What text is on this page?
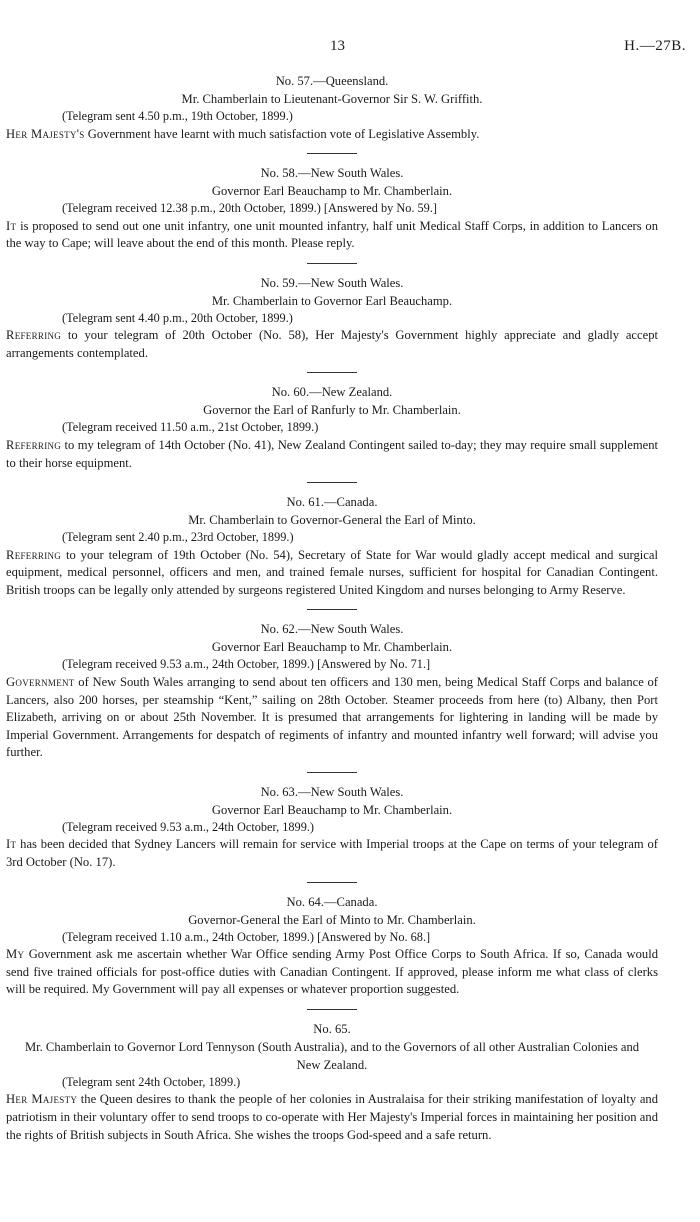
13	H.—27B.

No. 57.—Queensland.

Mr. Chamberlain to Lieutenant-Governor Sir S. W. Griffith.

(Telegram sent 4.50 p.m., 19th October, 1899.)

Her Majesty's Government have learnt with much satisfaction vote of Legislative Assembly.

No. 58.—New South Wales.

Governor Earl Beauchamp to Mr. Chamberlain.

(Telegram received 12.38 p.m., 20th October, 1899.) [Answered by No. 59.]

It is proposed to send out one unit infantry, one unit mounted infantry, half unit Medical Staff Corps, in addition to Lancers on the way to Cape; will leave about the end of this month. Please reply.

No. 59.—New South Wales.

Mr. Chamberlain to Governor Earl Beauchamp.

(Telegram sent 4.40 p.m., 20th October, 1899.)

Referring to your telegram of 20th October (No. 58), Her Majesty's Government highly appreciate and gladly accept arrangements contemplated.

No. 60.—New Zealand.

Governor the Earl of Ranfurly to Mr. Chamberlain.

(Telegram received 11.50 a.m., 21st October, 1899.)

Referring to my telegram of 14th October (No. 41), New Zealand Contingent sailed to-day; they may require small supplement to their horse equipment.

No. 61.—Canada.

Mr. Chamberlain to Governor-General the Earl of Minto.

(Telegram sent 2.40 p.m., 23rd October, 1899.)

Referring to your telegram of 19th October (No. 54), Secretary of State for War would gladly accept medical and surgical equipment, medical personnel, officers and men, and trained female nurses, sufficient for hospital for Canadian Contingent. British troops can be legally only attended by surgeons registered United Kingdom and nurses belonging to Army Reserve.

No. 62.—New South Wales.

Governor Earl Beauchamp to Mr. Chamberlain.

(Telegram received 9.53 a.m., 24th October, 1899.) [Answered by No. 71.]

Government of New South Wales arranging to send about ten officers and 130 men, being Medical Staff Corps and balance of Lancers, also 200 horses, per steamship “Kent,” sailing on 28th October. Steamer proceeds from here (to) Albany, then Port Elizabeth, arriving on or about 25th November. It is presumed that arrangements for lightering in landing will be made by Imperial Government. Arrangements for despatch of regiments of infantry and mounted infantry well forward; will advise you further.

No. 63.—New South Wales.

Governor Earl Beauchamp to Mr. Chamberlain.

(Telegram received 9.53 a.m., 24th October, 1899.)

It has been decided that Sydney Lancers will remain for service with Imperial troops at the Cape on terms of your telegram of 3rd October (No. 17).

No. 64.—Canada.

Governor-General the Earl of Minto to Mr. Chamberlain.

(Telegram received 1.10 a.m., 24th October, 1899.) [Answered by No. 68.]

My Government ask me ascertain whether War Office sending Army Post Office Corps to South Africa. If so, Canada would send five trained officials for post-office duties with Canadian Contingent. If approved, please inform me what class of clerks will be required. My Government will pay all expenses or whatever proportion suggested.

No. 65.

Mr. Chamberlain to Governor Lord Tennyson (South Australia), and to the Governors of all other Australian Colonies and New Zealand.

(Telegram sent 24th October, 1899.)

Her Majesty the Queen desires to thank the people of her colonies in Australaisa for their striking manifestation of loyalty and patriotism in their voluntary offer to send troops to co-operate with Her Majesty's Imperial forces in maintaining her position and the rights of British subjects in South Africa. She wishes the troops God-speed and a safe return.
